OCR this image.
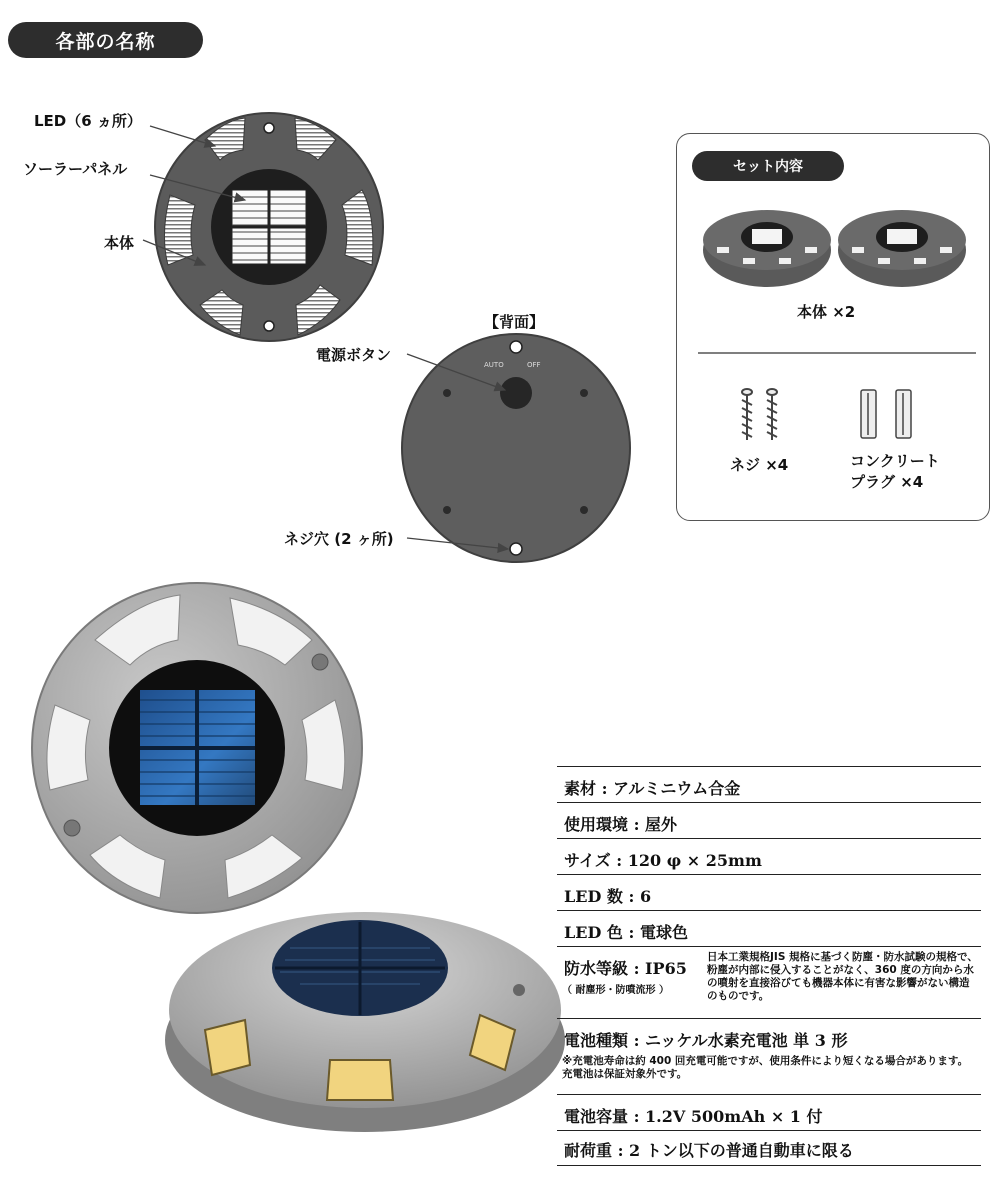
各部の名称
LED（6 ヵ所）
ソーラーパネル
本体
【背面】
電源ボタン
ネジ穴 (2 ヶ所)
AUTO	OFF
セット内容
本体 ×2
ネジ ×4	コンクリート
プラグ ×4
素材 : アルミニウム合金
使用環境 : 屋外
サイズ : 120 φ × 25mm
LED 数 : 6
LED 色 : 電球色
防水等級 : IP65
（ 耐塵形・防噴流形 ）
日本工業規格JIS 規格に基づく防塵・防水試験の規格で、粉塵が内部に侵入することがなく、360 度の方向から水の噴射を直接浴びても機器本体に有害な影響がない構造のものです。
電池種類 : ニッケル水素充電池 単 3 形
※充電池寿命は約 400 回充電可能ですが、使用条件により短くなる場合があります。充電池は保証対象外です。
電池容量 : 1.2V 500mAh × 1 付
耐荷重 : 2 トン以下の普通自動車に限る
